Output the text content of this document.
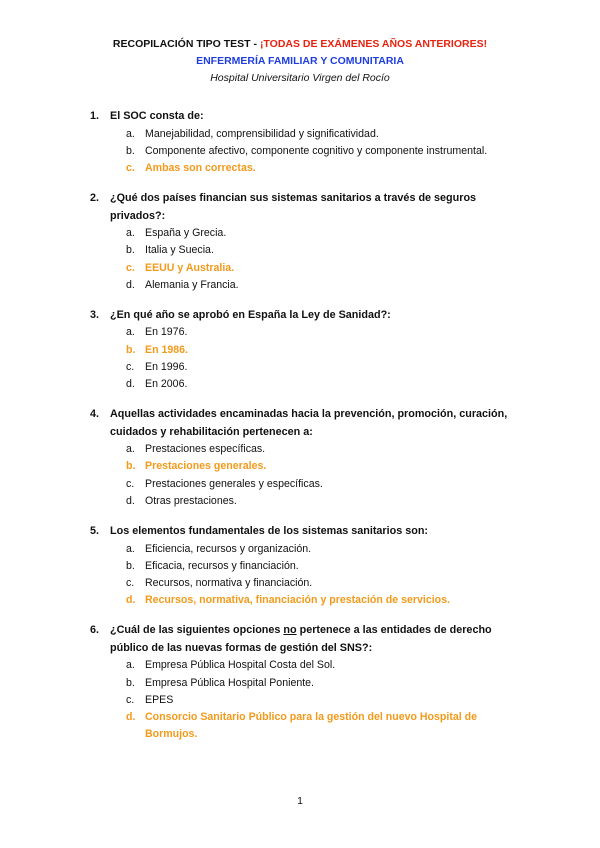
RECOPILACIÓN TIPO TEST - ¡TODAS DE EXÁMENES AÑOS ANTERIORES!
ENFERMERÍA FAMILIAR Y COMUNITARIA
Hospital Universitario Virgen del Rocío
1.	El SOC consta de:
a. Manejabilidad, comprensibilidad y significatividad.
b. Componente afectivo, componente cognitivo y componente instrumental.
c. Ambas son correctas.
2.	¿Qué dos países financian sus sistemas sanitarios a través de seguros privados?:
a. España y Grecia.
b. Italia y Suecia.
c. EEUU y Australia.
d. Alemania y Francia.
3.	¿En qué año se aprobó en España la Ley de Sanidad?:
a. En 1976.
b. En 1986.
c.	En 1996.
d. En 2006.
4.	Aquellas actividades encaminadas hacia la prevención, promoción, curación, cuidados y rehabilitación pertenecen a:
a. Prestaciones específicas.
b. Prestaciones generales.
c.	Prestaciones generales y específicas.
d. Otras prestaciones.
5.	Los elementos fundamentales de los sistemas sanitarios son:
a. Eficiencia, recursos y organización.
b. Eficacia, recursos y financiación.
c.	Recursos, normativa y financiación.
d. Recursos, normativa, financiación y prestación de servicios.
6.	¿Cuál de las siguientes opciones no pertenece a las entidades de derecho público de las nuevas formas de gestión del SNS?:
a. Empresa Pública Hospital Costa del Sol.
b. Empresa Pública Hospital Poniente.
c.	EPES
d. Consorcio Sanitario Público para la gestión del nuevo Hospital de Bormujos.
1
